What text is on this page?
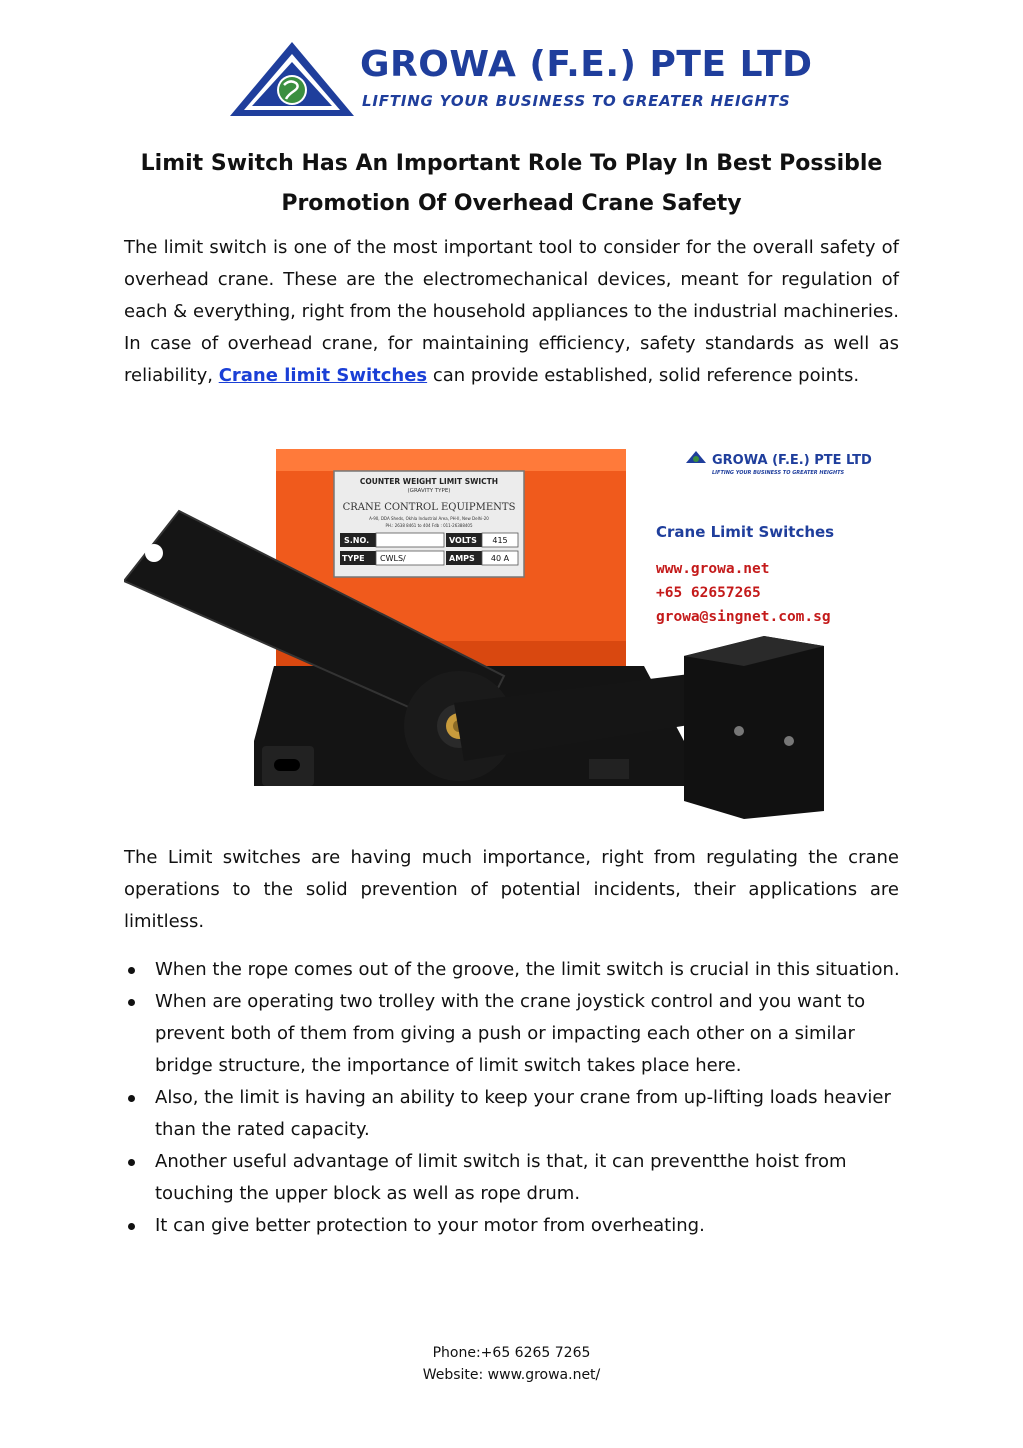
GROWA (F.E.) PTE LTD
LIFTING YOUR BUSINESS TO GREATER HEIGHTS
Limit Switch Has An Important Role To Play In Best Possible
Promotion Of Overhead Crane Safety
The limit switch is one of the most important tool to consider for the overall safety of overhead crane. These are the electromechanical devices, meant for regulation of each & everything, right from the household appliances to the industrial machineries. In case of overhead crane, for maintaining efficiency, safety standards as well as reliability, Crane limit Switches can provide established, solid reference points.
COUNTER WEIGHT LIMIT SWICTH
(GRAVITY TYPE)
CRANE CONTROL EQUIPMENTS
A-90, DDA Sheds, Okhla Industrial Area, PH-II, New Delhi-20
PH.: 2638 8461 to 404 Fdb : 011-26388405
S.NO.	VOLTS 415
TYPE CWLS/	AMPS 40 A
GROWA (F.E.) PTE LTD
LIFTING YOUR BUSINESS TO GREATER HEIGHTS
Crane Limit Switches
www.growa.net
+65 62657265
growa@singnet.com.sg
The Limit switches are having much importance, right from regulating the crane operations to the solid prevention of potential incidents, their applications are limitless.
When the rope comes out of the groove, the limit switch is crucial in this situation.
When are operating two trolley with the crane joystick control and you want to prevent both of them from giving a push or impacting each other on a similar bridge structure, the importance of limit switch takes place here.
Also, the limit is having an ability to keep your crane from up-lifting loads heavier than the rated capacity.
Another useful advantage of limit switch is that, it can preventthe hoist from touching the upper block as well as rope drum.
It can give better protection to your motor from overheating.
Phone:+65 6265 7265
Website: www.growa.net/
